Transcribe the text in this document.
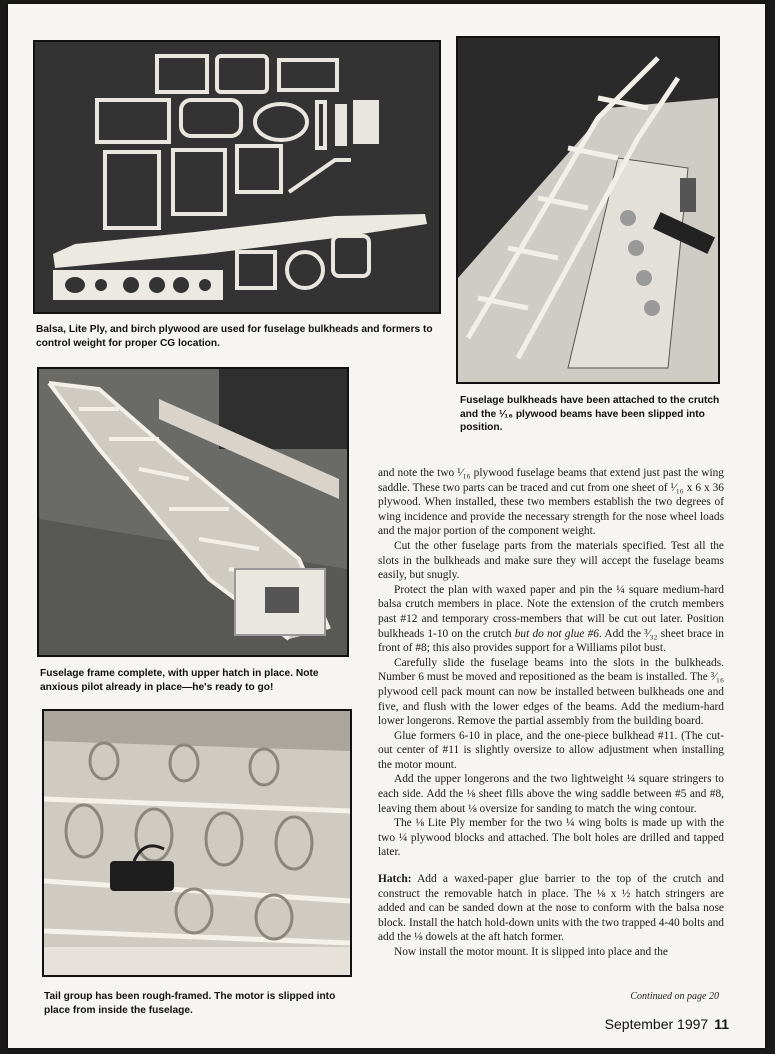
Balsa, Lite Ply, and birch plywood are used for fuselage bulkheads and formers to control weight for proper CG location.
Fuselage bulkheads have been attached to the crutch and the ¹⁄₁₆ plywood beams have been slipped into position.
Fuselage frame complete, with upper hatch in place. Note anxious pilot already in place—he's ready to go!
Tail group has been rough-framed. The motor is slipped into place from inside the fuselage.

and note the two ¹⁄₁₆ plywood fuselage beams that extend just past the wing saddle. These two parts can be traced and cut from one sheet of ¹⁄₁₆ x 6 x 36 plywood. When installed, these two members establish the two degrees of wing incidence and provide the necessary strength for the nose wheel loads and the major portion of the component weight.

Cut the other fuselage parts from the materials specified. Test all the slots in the bulkheads and make sure they will accept the fuselage beams easily, but snugly.

Protect the plan with waxed paper and pin the ¼ square medium-hard balsa crutch members in place. Note the extension of the crutch members past #12 and temporary cross-members that will be cut out later. Position bulkheads 1-10 on the crutch but do not glue #6. Add the ³⁄₃₂ sheet brace in front of #8; this also provides support for a Williams pilot bust.

Carefully slide the fuselage beams into the slots in the bulkheads. Number 6 must be moved and repositioned as the beam is installed. The ³⁄₁₆ plywood cell pack mount can now be installed between bulkheads one and five, and flush with the lower edges of the beams. Add the medium-hard lower longerons. Remove the partial assembly from the building board.

Glue formers 6-10 in place, and the one-piece bulkhead #11. (The cut-out center of #11 is slightly oversize to allow adjustment when installing the motor mount.

Add the upper longerons and the two lightweight ¼ square stringers to each side. Add the ⅛ sheet fills above the wing saddle between #5 and #8, leaving them about ⅛ oversize for sanding to match the wing contour.

The ⅛ Lite Ply member for the two ¼ wing bolts is made up with the two ¼ plywood blocks and attached. The bolt holes are drilled and tapped later.

Hatch: Add a waxed-paper glue barrier to the top of the crutch and construct the removable hatch in place. The ⅛ x ½ hatch stringers are added and can be sanded down at the nose to conform with the balsa nose block. Install the hatch hold-down units with the two trapped 4-40 bolts and add the ⅛ dowels at the aft hatch former.

Now install the motor mount. It is slipped into place and the

Continued on page 20
September 1997 11
